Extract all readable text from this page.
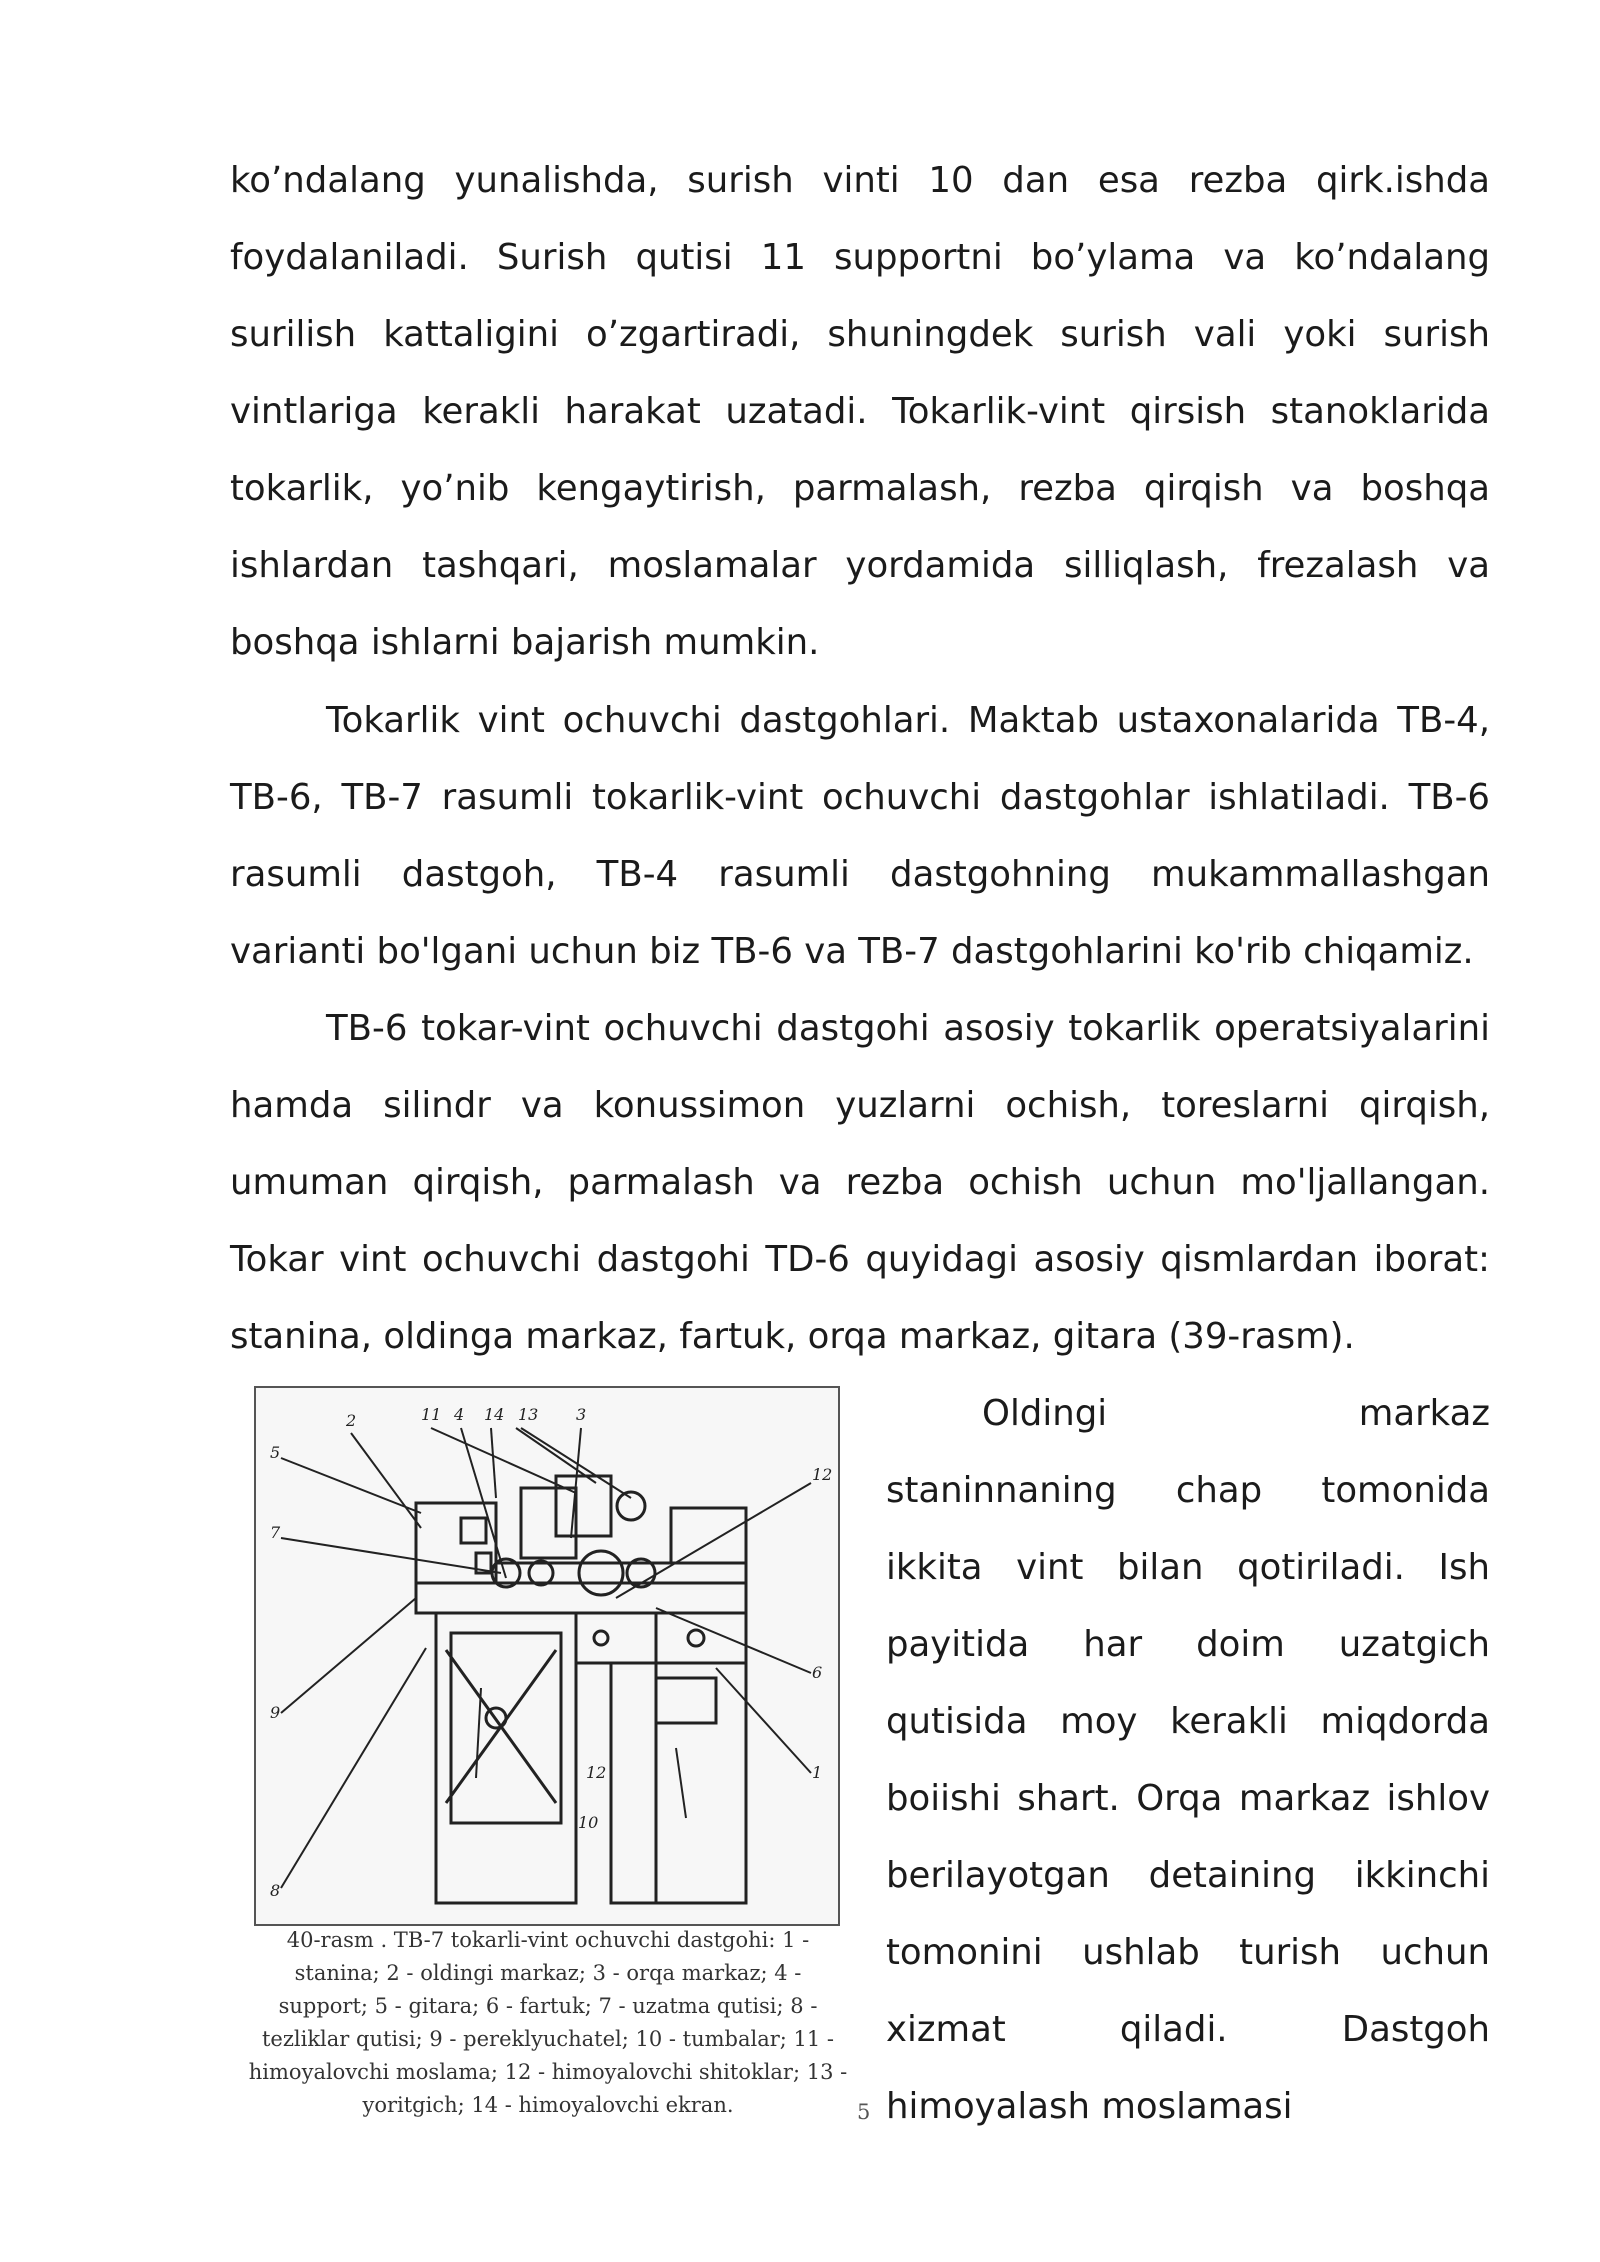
ko’ndalang yunalishda, surish vinti 10 dan esa rezba qirk.ishda foydalaniladi. Surish qutisi 11 supportni bo’ylama va ko’ndalang surilish kattaligini o’zgartiradi, shuningdek surish vali yoki surish vintlariga kerakli harakat uzatadi. Tokarlik-vint qirsish stanoklarida tokarlik, yo’nib kengaytirish, parmalash, rezba qirqish va boshqa ishlardan tashqari, moslamalar yordamida silliqlash, frezalash va boshqa ishlarni bajarish mumkin.

Tokarlik vint ochuvchi dastgohlari. Maktab ustaxonalarida TB-4, TB-6, TB-7 rasumli tokarlik-vint ochuvchi dastgohlar ishlatiladi. TB-6 rasumli dastgoh, TB-4 rasumli dastgohning mukammallashgan varianti bo'lgani uchun biz TB-6 va TB-7 dastgohlarini ko'rib chiqamiz.

TB-6 tokar-vint ochuvchi dastgohi asosiy tokarlik operatsiyalarini hamda silindr va konussimon yuzlarni ochish, toreslarni qirqish, umuman qirqish, parmalash va rezba ochish uchun mo'ljallangan. Tokar vint ochuvchi dastgohi TD-6 quyidagi asosiy qismlardan iborat: stanina, oldinga markaz, fartuk, orqa markaz, gitara (39-rasm).

2	11 4 14 13 3
5
12
7
6
9
12	1
10
8

40-rasm . TB-7 tokarli-vint ochuvchi dastgohi: 1 - stanina; 2 - oldingi markaz; 3 - orqa markaz; 4 - support; 5 - gitara; 6 - fartuk; 7 - uzatma qutisi; 8 - tezliklar qutisi; 9 - pereklyuchatel; 10 - tumbalar; 11 - himoyalovchi moslama; 12 - himoyalovchi shitoklar; 13 - yoritgich; 14 - himoyalovchi ekran.	5

Oldingi markaz staninnaning chap tomonida ikkita vint bilan qotiriladi. Ish payitida har doim uzatgich qutisida moy kerakli miqdorda boiishi shart. Orqa markaz ishlov berilayotgan detaining ikkinchi tomonini ushlab turish uchun xizmat qiladi. Dastgoh himoyalash moslamasi
